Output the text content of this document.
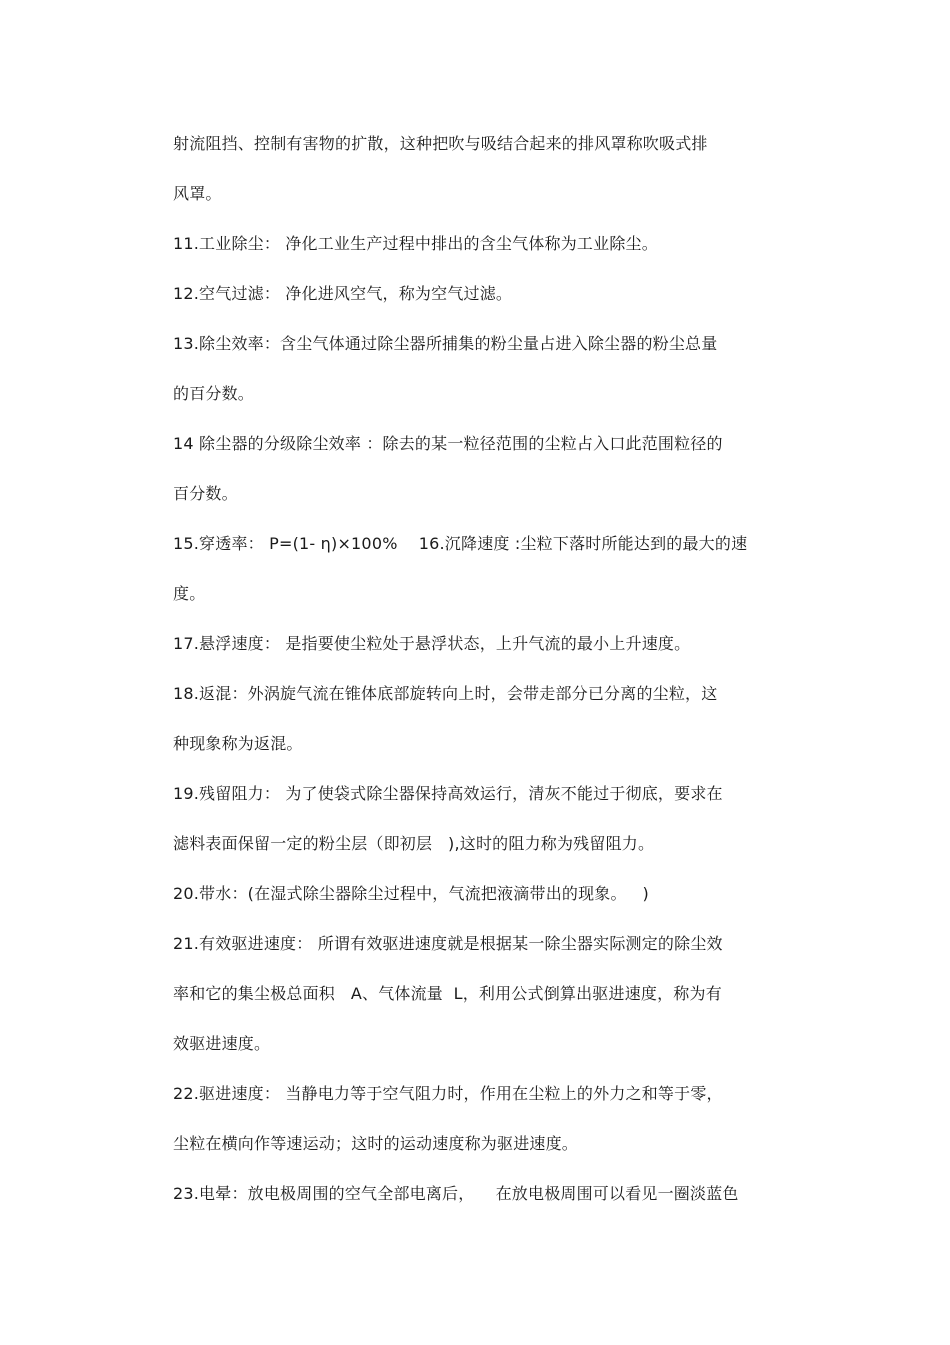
射流阻挡、控制有害物的扩散，这种把吹与吸结合起来的排风罩称吹吸式排
风罩。
11.工业除尘： 净化工业生产过程中排出的含尘气体称为工业除尘。
12.空气过滤： 净化进风空气，称为空气过滤。
13.除尘效率：含尘气体通过除尘器所捕集的粉尘量占进入除尘器的粉尘总量
的百分数。
14 除尘器的分级除尘效率 ：除去的某一粒径范围的尘粒占入口此范围粒径的
百分数。
15.穿透率： P=(1- η)×100%    16.沉降速度 :尘粒下落时所能达到的最大的速
度。
17.悬浮速度： 是指要使尘粒处于悬浮状态，上升气流的最小上升速度。
18.返混：外涡旋气流在锥体底部旋转向上时，会带走部分已分离的尘粒，这
种现象称为返混。
19.残留阻力： 为了使袋式除尘器保持高效运行，清灰不能过于彻底，要求在
滤料表面保留一定的粉尘层（即初层   ),这时的阻力称为残留阻力。
20.带水：(在湿式除尘器除尘过程中，气流把液滴带出的现象。   )
21.有效驱进速度： 所谓有效驱进速度就是根据某一除尘器实际测定的除尘效
率和它的集尘极总面积   A、气体流量  L，利用公式倒算出驱进速度，称为有
效驱进速度。
22.驱进速度： 当静电力等于空气阻力时，作用在尘粒上的外力之和等于零，
尘粒在横向作等速运动；这时的运动速度称为驱进速度。
23.电晕：放电极周围的空气全部电离后，    在放电极周围可以看见一圈淡蓝色
